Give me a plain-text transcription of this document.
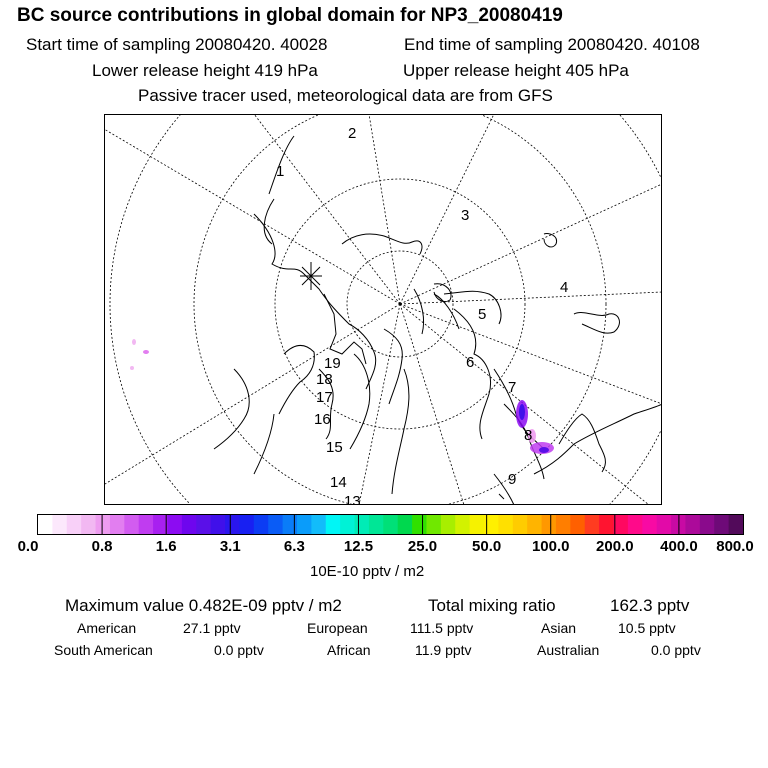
BC source contributions in global domain for NP3_20080419
Start time of sampling 20080420. 40028	End time of sampling 20080420. 40108
Lower release height 419 hPa	Upper release height 405 hPa
Passive tracer used, meteorological data are from GFS
1
2
3
4
5
6
7
8
9
13
14
15
16
17
18
19
0.0	0.8	1.6	3.1	6.3	12.5 25.0 50.0 100.0 200.0 400.0 800.0
10E-10 pptv / m2
Maximum value 0.482E-09 pptv / m2	Total mixing ratio	162.3 pptv
American	27.1 pptv	European	111.5 pptv	Asian	10.5 pptv
South American	0.0 pptv	African	11.9 pptv	Australian	0.0 pptv
